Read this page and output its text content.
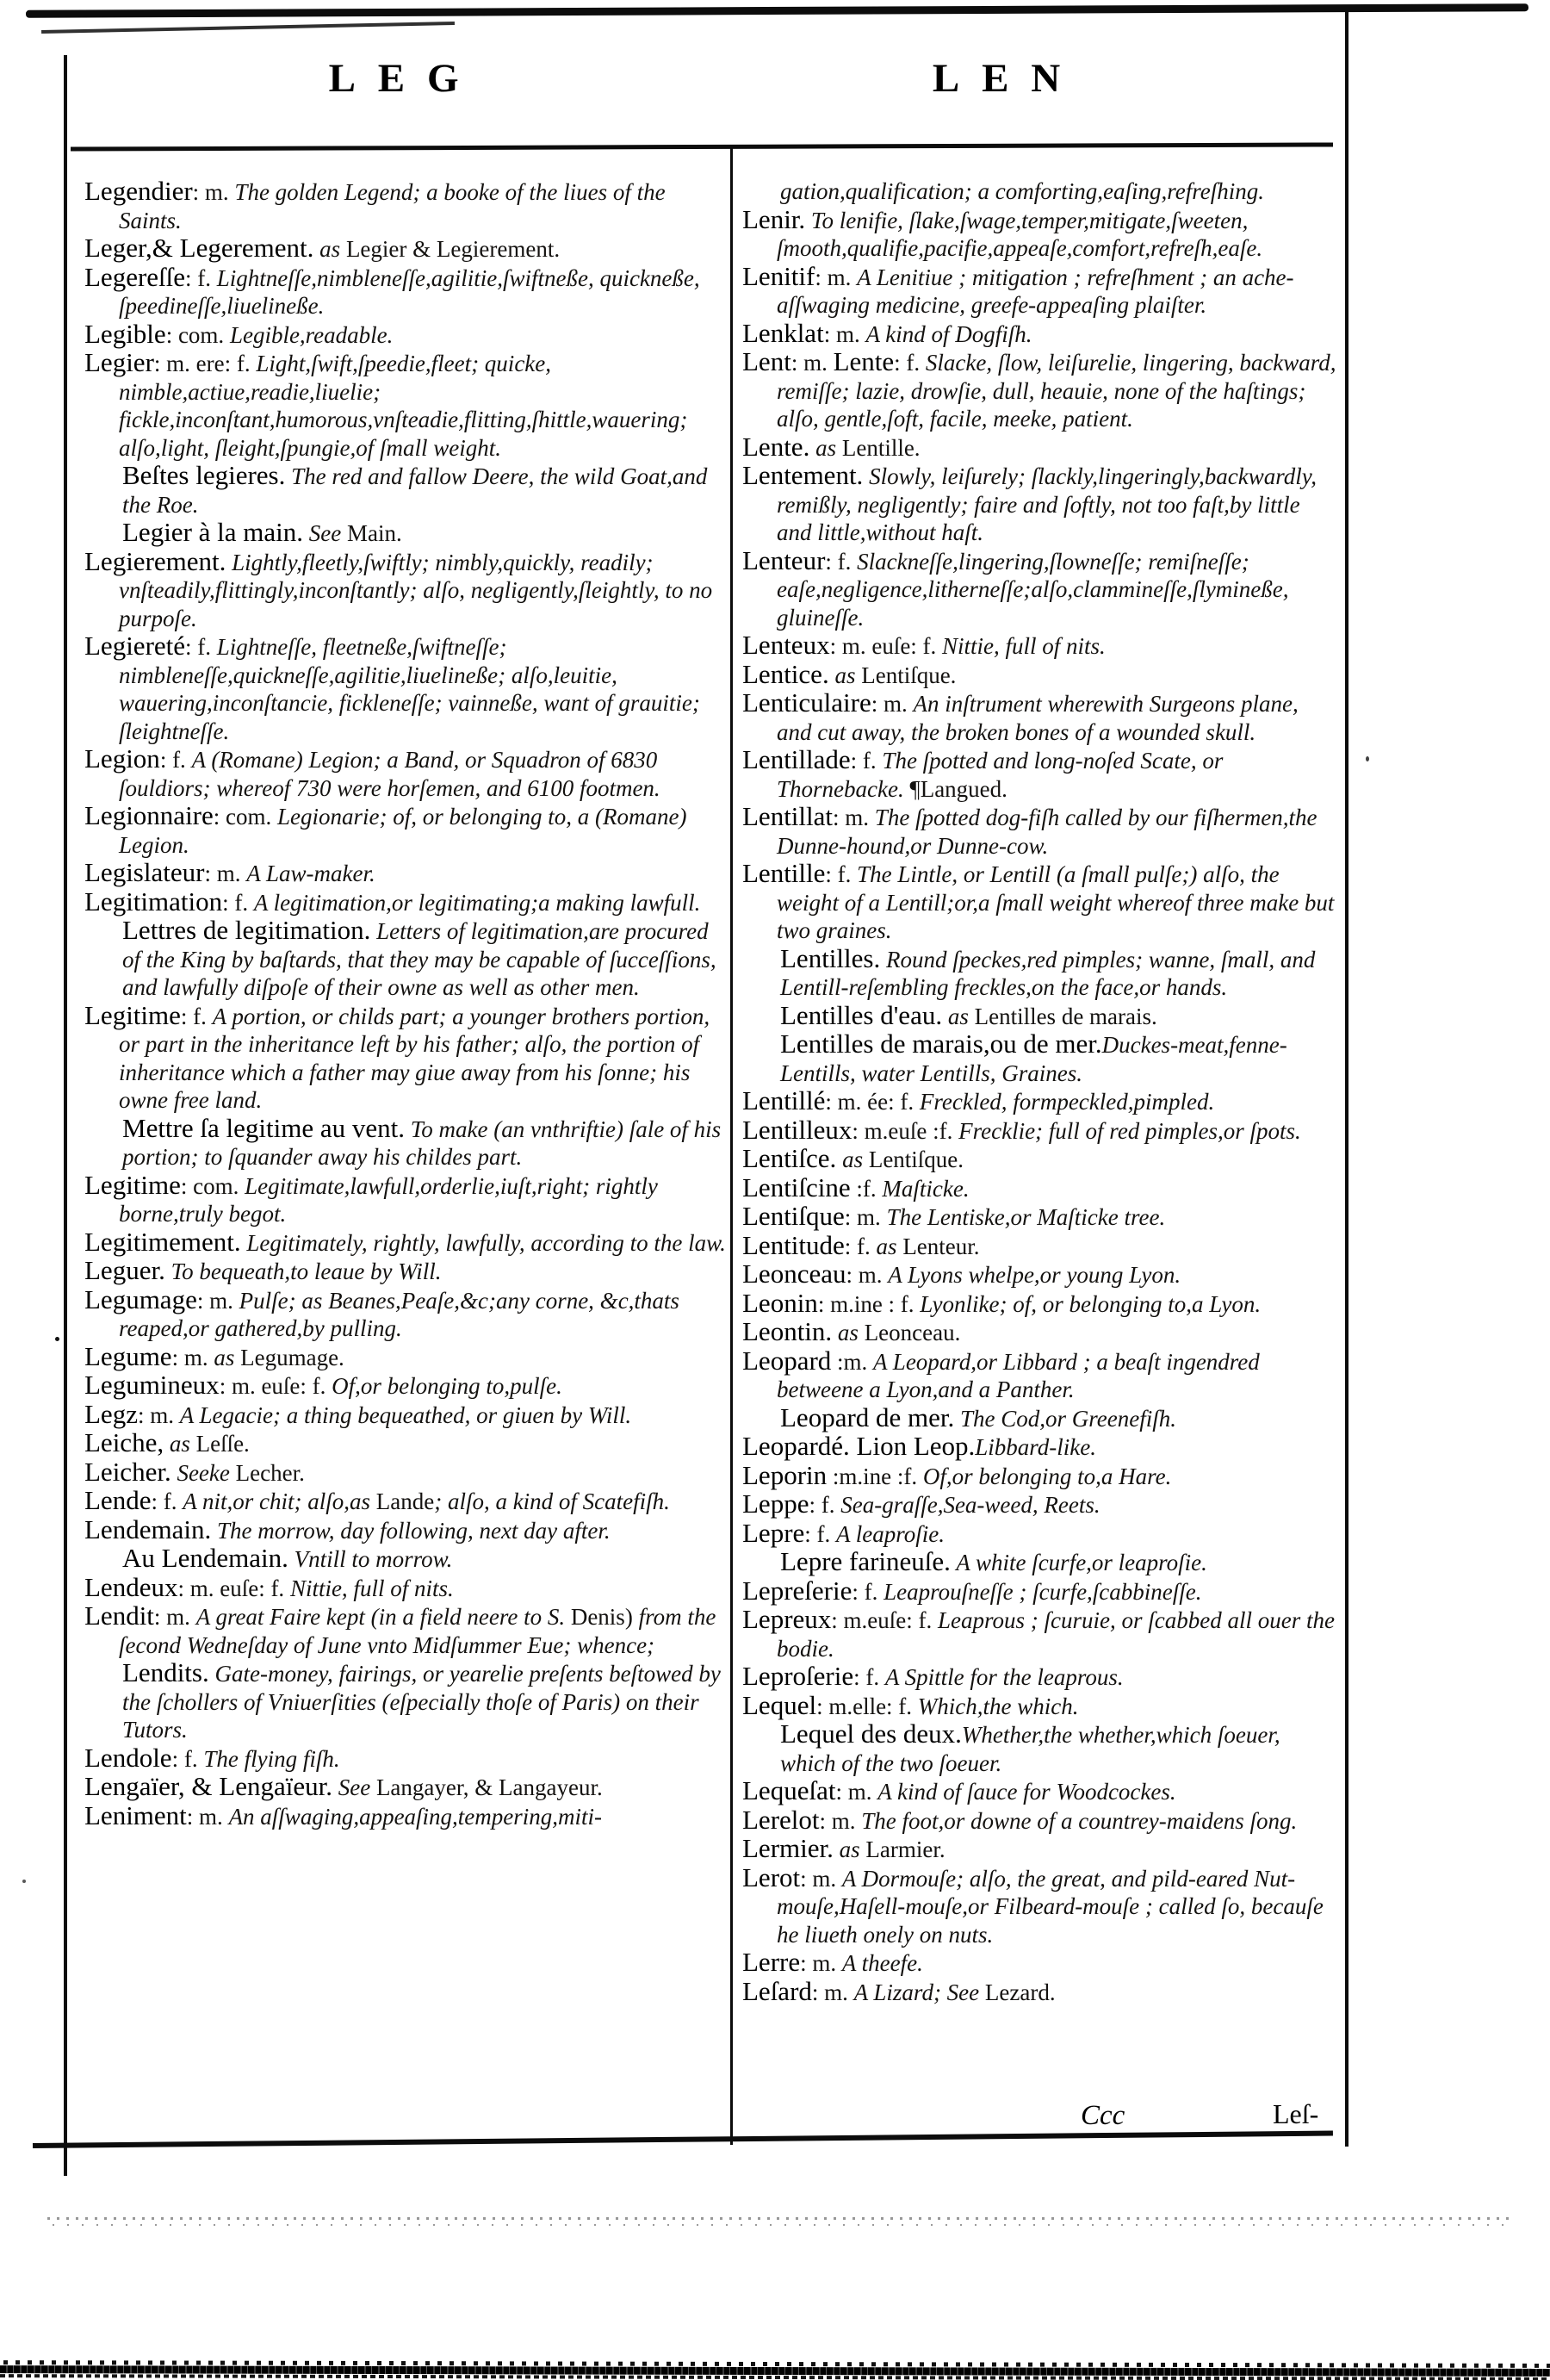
LEG	LEN

Legendier: m. The golden Legend; a booke of the liues of the Saints.

Leger,& Legerement. as Legier & Legierement.

Legereſſe: f. Lightneſſe,nimbleneſſe,agilitie,ſwiftneße, quickneße, ſpeedineſſe,liuelineße.

Legible: com. Legible,readable.

Legier: m. ere: f. Light,ſwift,ſpeedie,fleet; quicke, nimble,actiue,readie,liuelie; fickle,inconſtant,humorous,vnſteadie,flitting,ſhittle,wauering; alſo,light, ſleight,ſpungie,of ſmall weight.

Beſtes legieres. The red and fallow Deere, the wild Goat,and the Roe.

Legier à la main. See Main.

Legierement. Lightly,fleetly,ſwiftly; nimbly,quickly, readily; vnſteadily,flittingly,inconſtantly; alſo, negligently,ſleightly, to no purpoſe.

Legiereté: f. Lightneſſe, fleetneße,ſwiftneſſe; nimbleneſſe,quickneſſe,agilitie,liuelineße; alſo,leuitie, wauering,inconſtancie, fickleneſſe; vainneße, want of grauitie; ſleightneſſe.

Legion: f. A (Romane) Legion; a Band, or Squadron of 6830 ſouldiors; whereof 730 were horſemen, and 6100 footmen.

Legionnaire: com. Legionarie; of, or belonging to, a (Romane) Legion.

Legislateur: m. A Law-maker.

Legitimation: f. A legitimation,or legitimating;a making lawfull.

Lettres de legitimation. Letters of legitimation,are procured of the King by baſtards, that they may be capable of ſucceſſions, and lawfully diſpoſe of their owne as well as other men.

Legitime: f. A portion, or childs part; a younger brothers portion, or part in the inheritance left by his father; alſo, the portion of inheritance which a father may giue away from his ſonne; his owne free land.

Mettre ſa legitime au vent. To make (an vnthriftie) ſale of his portion; to ſquander away his childes part.

Legitime: com. Legitimate,lawfull,orderlie,iuſt,right; rightly borne,truly begot.

Legitimement. Legitimately, rightly, lawfully, according to the law.

Leguer. To bequeath,to leaue by Will.

Legumage: m. Pulſe; as Beanes,Peaſe,&c;any corne, &c,thats reaped,or gathered,by pulling.

Legume: m. as Legumage.

Legumineux: m. euſe: f. Of,or belonging to,pulſe.

Legz: m. A Legacie; a thing bequeathed, or giuen by Will.

Leiche, as Leſſe.

Leicher. Seeke Lecher.

Lende: f. A nit,or chit; alſo,as Lande; alſo, a kind of Scatefiſh.

Lendemain. The morrow, day following, next day after.

Au Lendemain. Vntill to morrow.

Lendeux: m. euſe: f. Nittie, full of nits.

Lendit: m. A great Faire kept (in a field neere to S. Denis) from the ſecond Wedneſday of June vnto Midſummer Eue; whence;

Lendits. Gate-money, fairings, or yearelie preſents beſtowed by the ſchollers of Vniuerſities (eſpecially thoſe of Paris) on their Tutors.

Lendole: f. The flying fiſh.

Lengaïer, & Lengaïeur. See Langayer, & Langayeur.

Leniment: m. An aſſwaging,appeaſing,tempering,miti-

gation,qualification; a comforting,eaſing,refreſhing.

Lenir. To lenifie, ſlake,ſwage,temper,mitigate,ſweeten, ſmooth,qualifie,pacifie,appeaſe,comfort,refreſh,eaſe.

Lenitif: m. A Lenitiue ; mitigation ; refreſhment ; an ache-aſſwaging medicine, greefe-appeaſing plaiſter.

Lenklat: m. A kind of Dogfiſh.

Lent: m. Lente: f. Slacke, ſlow, leiſurelie, lingering, backward, remiſſe; lazie, drowſie, dull, heauie, none of the haſtings; alſo, gentle,ſoft, facile, meeke, patient.

Lente. as Lentille.

Lentement. Slowly, leiſurely; ſlackly,lingeringly,backwardly, remißly, negligently; faire and ſoftly, not too faſt,by little and little,without haſt.

Lenteur: f. Slackneſſe,lingering,ſlowneſſe; remiſneſſe; eaſe,negligence,litherneſſe;alſo,clammineſſe,ſlymineße, gluineſſe.

Lenteux: m. euſe: f. Nittie, full of nits.

Lentice. as Lentiſque.

Lenticulaire: m. An inſtrument wherewith Surgeons plane, and cut away, the broken bones of a wounded skull.

Lentillade: f. The ſpotted and long-noſed Scate, or Thornebacke. ¶Langued.

Lentillat: m. The ſpotted dog-fiſh called by our fiſhermen,the Dunne-hound,or Dunne-cow.

Lentille: f. The Lintle, or Lentill (a ſmall pulſe;) alſo, the weight of a Lentill;or,a ſmall weight whereof three make but two graines.

Lentilles. Round ſpeckes,red pimples; wanne, ſmall, and Lentill-reſembling freckles,on the face,or hands.

Lentilles d'eau. as Lentilles de marais.

Lentilles de marais,ou de mer.Duckes-meat,fenne-Lentills, water Lentills, Graines.

Lentillé: m. ée: f. Freckled, formpeckled,pimpled.

Lentilleux: m.euſe :f. Frecklie; full of red pimples,or ſpots.

Lentiſce. as Lentiſque.

Lentiſcine :f. Maſticke.

Lentiſque: m. The Lentiske,or Maſticke tree.

Lentitude: f. as Lenteur.

Leonceau: m. A Lyons whelpe,or young Lyon.

Leonin: m.ine : f. Lyonlike; of, or belonging to,a Lyon.

Leontin. as Leonceau.

Leopard :m. A Leopard,or Libbard ; a beaſt ingendred betweene a Lyon,and a Panther.

Leopard de mer. The Cod,or Greenefiſh.

Leopardé. Lion Leop.Libbard-like.

Leporin :m.ine :f. Of,or belonging to,a Hare.

Leppe: f. Sea-graſſe,Sea-weed, Reets.

Lepre: f. A leaproſie.

Lepre farineuſe. A white ſcurfe,or leaproſie.

Lepreſerie: f. Leaprouſneſſe ; ſcurfe,ſcabbineſſe.

Lepreux: m.euſe: f. Leaprous ; ſcuruie, or ſcabbed all ouer the bodie.

Leproſerie: f. A Spittle for the leaprous.

Lequel: m.elle: f. Which,the which.

Lequel des deux.Whether,the whether,which ſoeuer, which of the two ſoeuer.

Lequeſat: m. A kind of ſauce for Woodcockes.

Lerelot: m. The foot,or downe of a countrey-maidens ſong.

Lermier. as Larmier.

Lerot: m. A Dormouſe; alſo, the great, and pild-eared Nut-mouſe,Haſell-mouſe,or Filbeard-mouſe ; called ſo, becauſe he liueth onely on nuts.

Lerre: m. A theefe.

Leſard: m. A Lizard; See Lezard.

Ccc	Leſ-
